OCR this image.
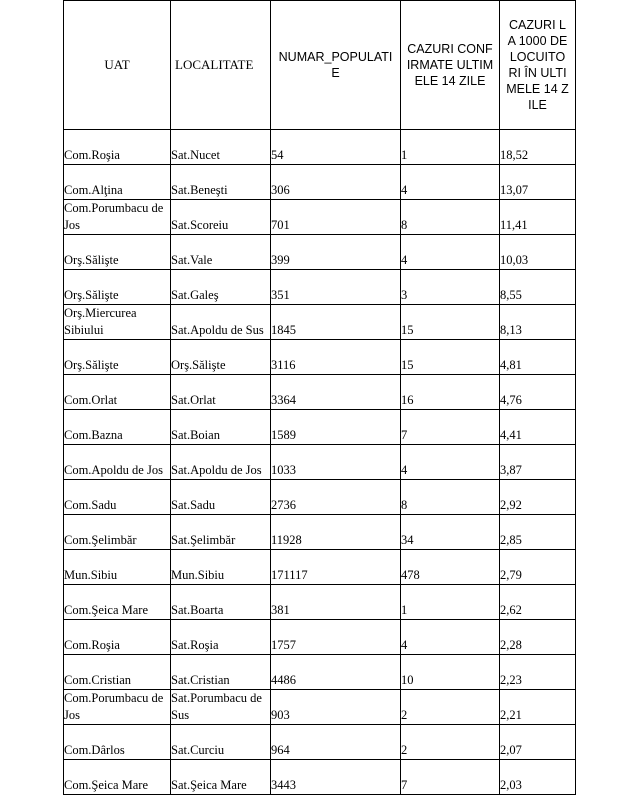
UAT	LOCALITATE	NUMAR_POPULATIE	CAZURI CONFIRMATE ULTIMELE 14 ZILE	CAZURI LA 1000 DE LOCUITORI ÎN ULTIMELE 14 ZILE

Com.Roşia	Sat.Nucet	54	1	18,52
Com.Alţina	Sat.Beneşti	306	4	13,07
Com.Porumbacu de Jos	Sat.Scoreiu	701	8	11,41
Orş.Săliştе	Sat.Vale	399	4	10,03
Orş.Săliştе	Sat.Galeş	351	3	8,55
Orş.Miercurea Sibiului	Sat.Apoldu de Sus	1845	15	8,13
Orş.Săliştе	Orş.Săliştе	3116	15	4,81
Com.Orlat	Sat.Orlat	3364	16	4,76
Com.Bazna	Sat.Boian	1589	7	4,41
Com.Apoldu de Jos	Sat.Apoldu de Jos	1033	4	3,87
Com.Sadu	Sat.Sadu	2736	8	2,92
Com.Şelimbăr	Sat.Şelimbăr	11928	34	2,85
Mun.Sibiu	Mun.Sibiu	171117	478	2,79
Com.Şeica Mare	Sat.Boarta	381	1	2,62
Com.Roşia	Sat.Roşia	1757	4	2,28
Com.Cristian	Sat.Cristian	4486	10	2,23
Com.Porumbacu de Jos	Sat.Porumbacu de Sus	903	2	2,21
Com.Dârlos	Sat.Curciu	964	2	2,07
Com.Şeica Mare	Sat.Şeica Mare	3443	7	2,03
